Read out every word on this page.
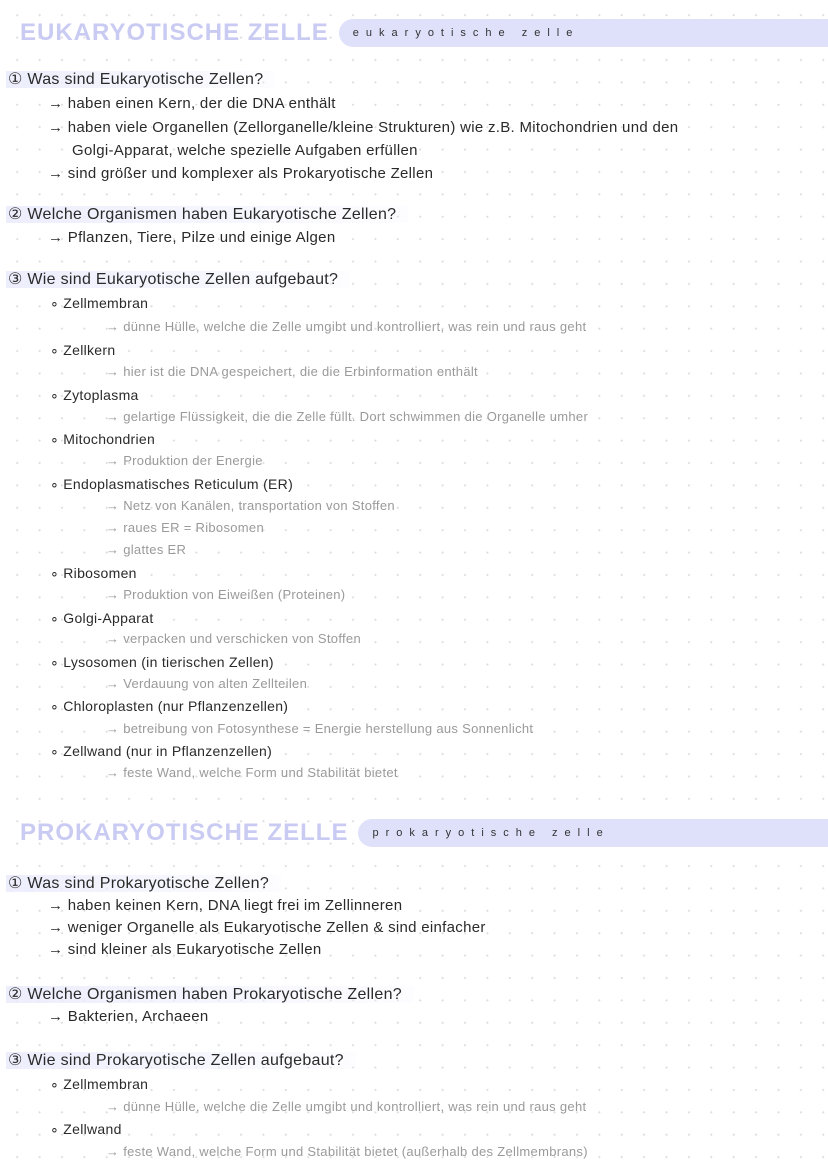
EUKARYOTISCHE ZELLE eukaryotische zelle
① Was sind Eukaryotische Zellen?
→ haben einen Kern, der die DNA enthält
→ haben viele Organellen (Zellorganelle/kleine Strukturen) wie z.B. Mitochondrien und den
Golgi-Apparat, welche spezielle Aufgaben erfüllen
→ sind größer und komplexer als Prokaryotische Zellen
② Welche Organismen haben Eukaryotische Zellen?
→ Pflanzen, Tiere, Pilze und einige Algen
③ Wie sind Eukaryotische Zellen aufgebaut?
∘ Zellmembran
→ dünne Hülle, welche die Zelle umgibt und kontrolliert, was rein und raus geht
∘ Zellkern
→ hier ist die DNA gespeichert, die die Erbinformation enthält
∘ Zytoplasma
→ gelartige Flüssigkeit, die die Zelle füllt. Dort schwimmen die Organelle umher
∘ Mitochondrien
→ Produktion der Energie
∘ Endoplasmatisches Reticulum (ER)
→ Netz von Kanälen, transportation von Stoffen
→ raues ER = Ribosomen
→ glattes ER
∘ Ribosomen
→ Produktion von Eiweißen (Proteinen)
∘ Golgi-Apparat
→ verpacken und verschicken von Stoffen
∘ Lysosomen (in tierischen Zellen)
→ Verdauung von alten Zellteilen
∘ Chloroplasten (nur Pflanzenzellen)
→ betreibung von Fotosynthese = Energie herstellung aus Sonnenlicht
∘ Zellwand (nur in Pflanzenzellen)
→ feste Wand, welche Form und Stabilität bietet
PROKARYOTISCHE ZELLE prokaryotische zelle
① Was sind Prokaryotische Zellen?
→ haben keinen Kern, DNA liegt frei im Zellinneren
→ weniger Organelle als Eukaryotische Zellen & sind einfacher
→ sind kleiner als Eukaryotische Zellen
② Welche Organismen haben Prokaryotische Zellen?
→ Bakterien, Archaeen
③ Wie sind Prokaryotische Zellen aufgebaut?
∘ Zellmembran
→ dünne Hülle, welche die Zelle umgibt und kontrolliert, was rein und raus geht
∘ Zellwand
→ feste Wand, welche Form und Stabilität bietet (außerhalb des Zellmembrans)
